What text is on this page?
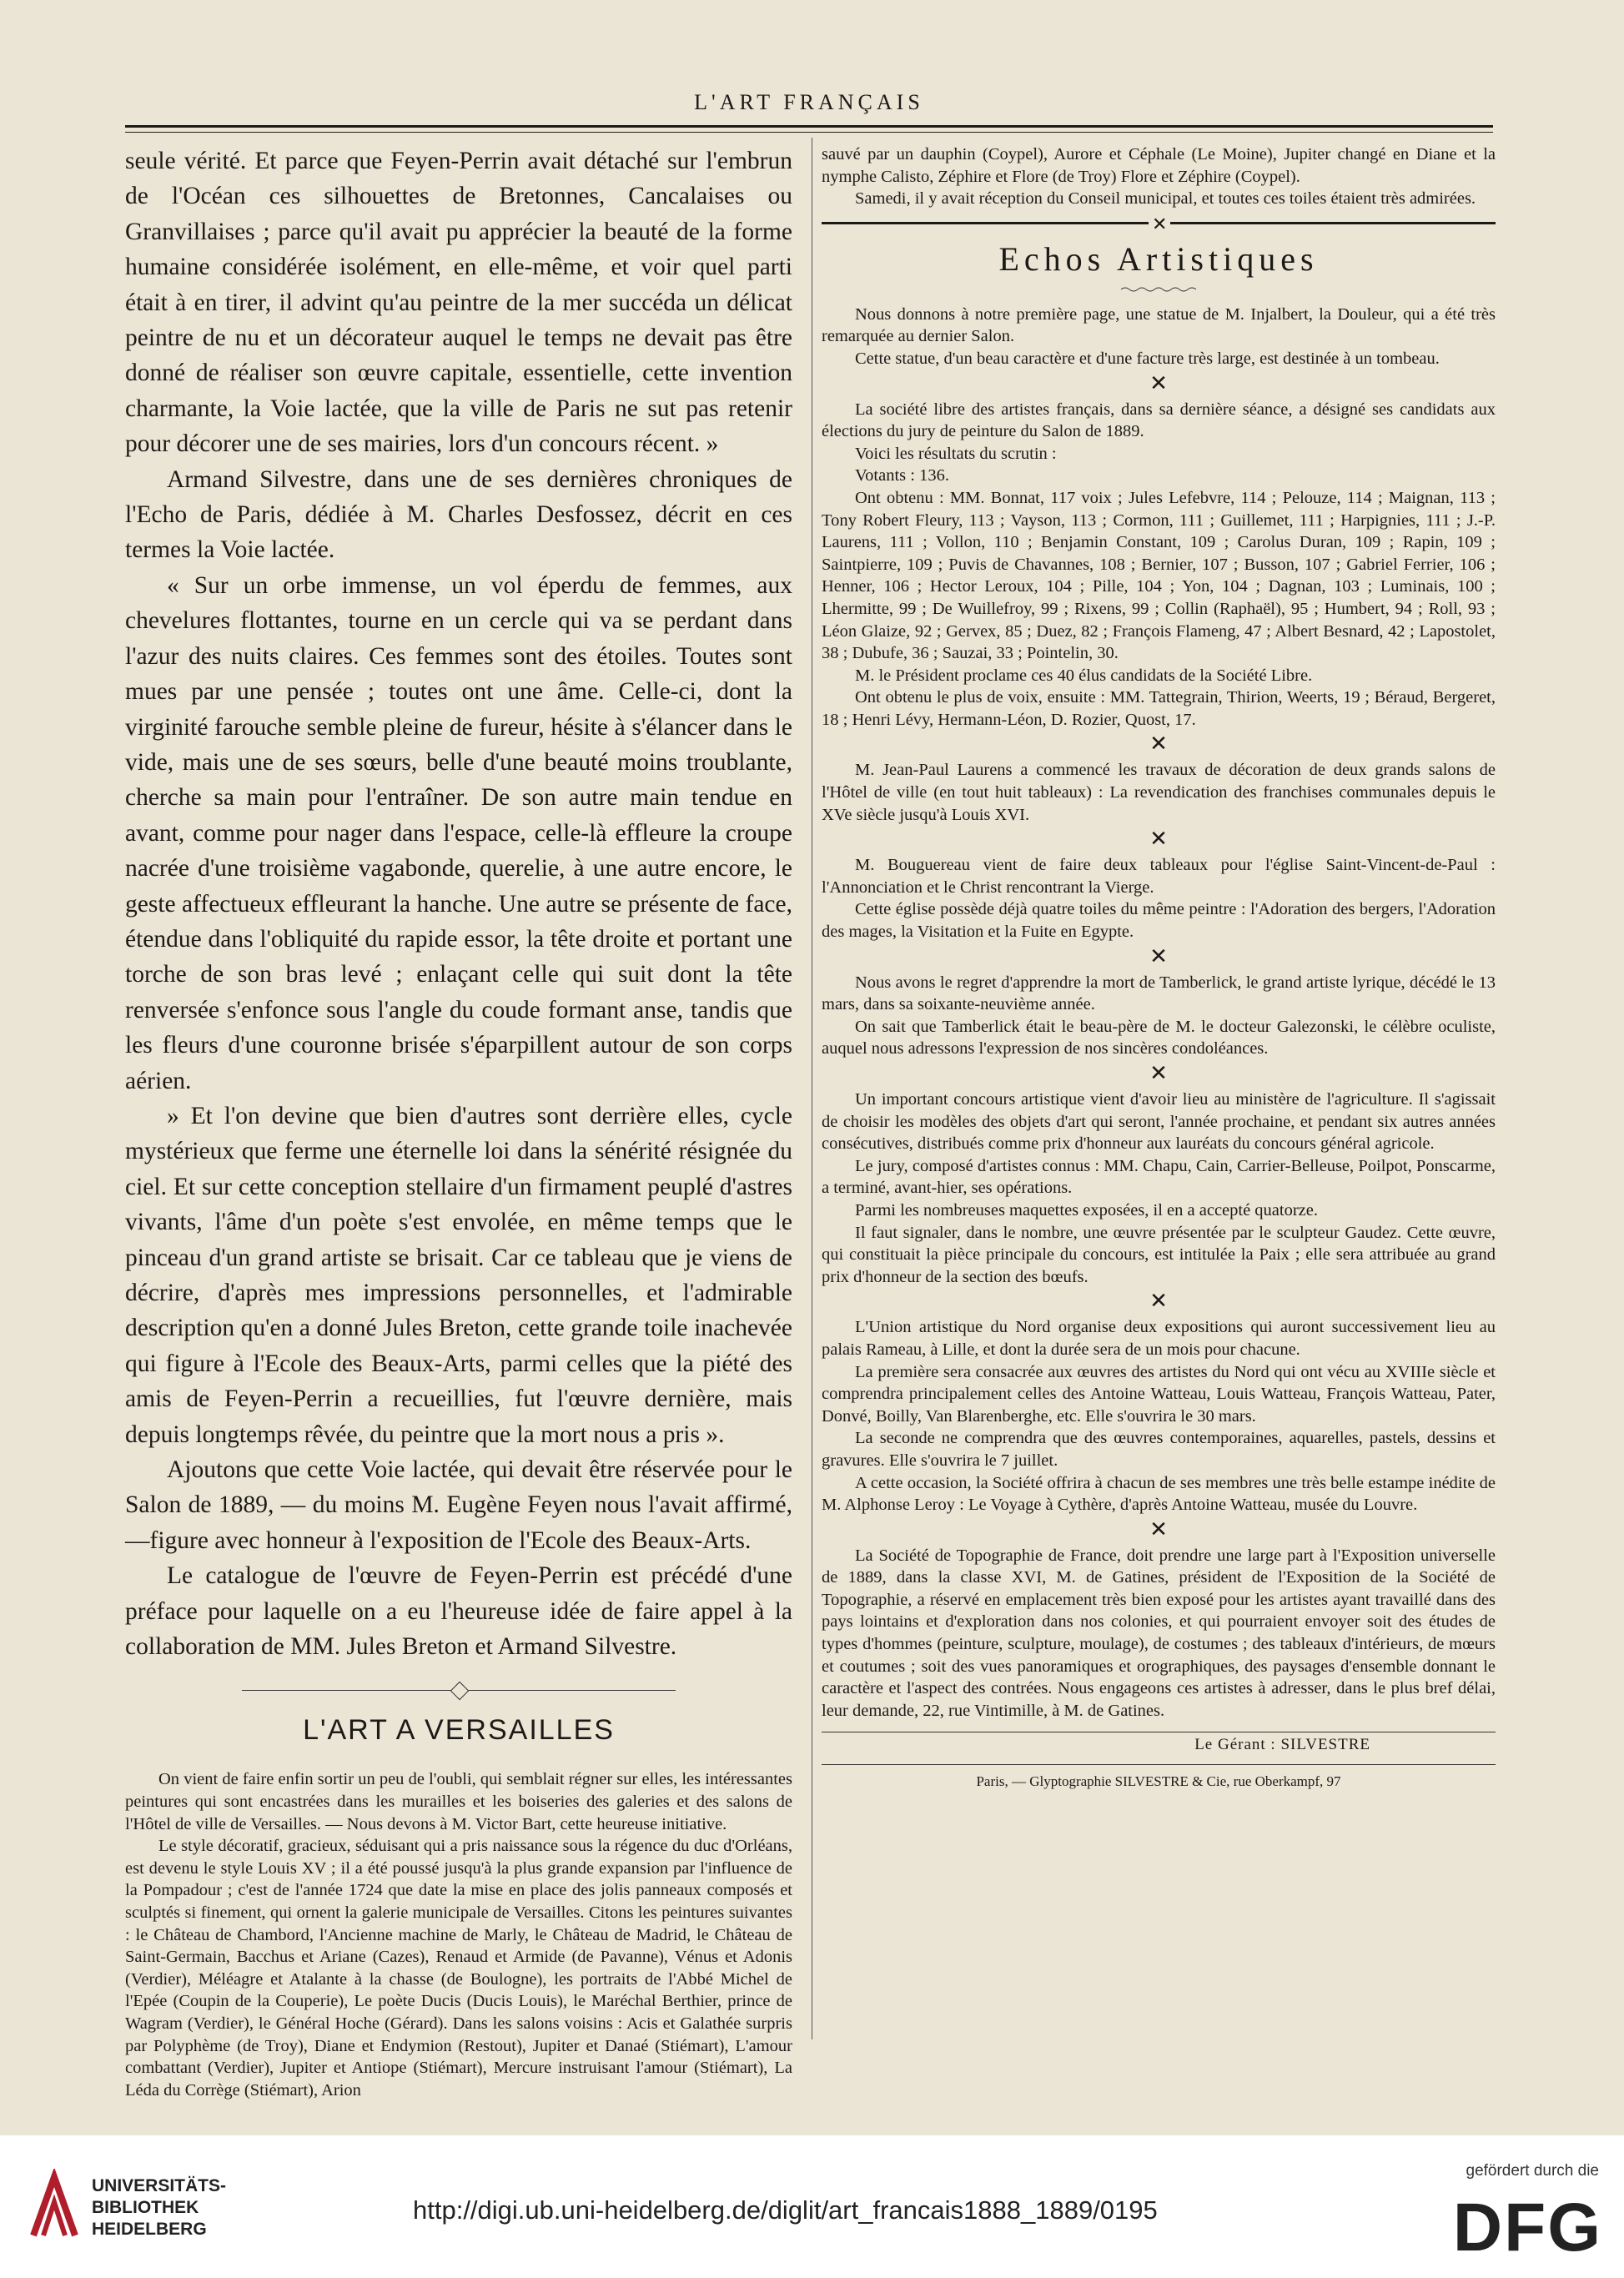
L'ART FRANÇAIS

seule vérité. Et parce que Feyen-Perrin avait détaché sur l'embrun de l'Océan ces silhouettes de Bretonnes, Cancalaises ou Granvillaises ; parce qu'il avait pu apprécier la beauté de la forme humaine considérée isolément, en elle-même, et voir quel parti était à en tirer, il advint qu'au peintre de la mer succéda un délicat peintre de nu et un décorateur auquel le temps ne devait pas être donné de réaliser son œuvre capitale, essentielle, cette invention charmante, la Voie lactée, que la ville de Paris ne sut pas retenir pour décorer une de ses mairies, lors d'un concours récent. »

Armand Silvestre, dans une de ses dernières chroniques de l'Echo de Paris, dédiée à M. Charles Desfossez, décrit en ces termes la Voie lactée.

« Sur un orbe immense, un vol éperdu de femmes, aux chevelures flottantes, tourne en un cercle qui va se perdant dans l'azur des nuits claires. Ces femmes sont des étoiles. Toutes sont mues par une pensée ; toutes ont une âme. Celle-ci, dont la virginité farouche semble pleine de fureur, hésite à s'élancer dans le vide, mais une de ses sœurs, belle d'une beauté moins troublante, cherche sa main pour l'entraîner. De son autre main tendue en avant, comme pour nager dans l'espace, celle-là effleure la croupe nacrée d'une troisième vagabonde, querelie, à une autre encore, le geste affectueux effleurant la hanche. Une autre se présente de face, étendue dans l'obliquité du rapide essor, la tête droite et portant une torche de son bras levé ; enlaçant celle qui suit dont la tête renversée s'enfonce sous l'angle du coude formant anse, tandis que les fleurs d'une couronne brisée s'éparpillent autour de son corps aérien.

» Et l'on devine que bien d'autres sont derrière elles, cycle mystérieux que ferme une éternelle loi dans la sénérité résignée du ciel. Et sur cette conception stellaire d'un firmament peuplé d'astres vivants, l'âme d'un poète s'est envolée, en même temps que le pinceau d'un grand artiste se brisait. Car ce tableau que je viens de décrire, d'après mes impressions personnelles, et l'admirable description qu'en a donné Jules Breton, cette grande toile inachevée qui figure à l'Ecole des Beaux-Arts, parmi celles que la piété des amis de Feyen-Perrin a recueillies, fut l'œuvre dernière, mais depuis longtemps rêvée, du peintre que la mort nous a pris ».

Ajoutons que cette Voie lactée, qui devait être réservée pour le Salon de 1889, — du moins M. Eugène Feyen nous l'avait affirmé,—figure avec honneur à l'exposition de l'Ecole des Beaux-Arts.

Le catalogue de l'œuvre de Feyen-Perrin est précédé d'une préface pour laquelle on a eu l'heureuse idée de faire appel à la collaboration de MM. Jules Breton et Armand Silvestre.

L'ART A VERSAILLES

On vient de faire enfin sortir un peu de l'oubli, qui semblait régner sur elles, les intéressantes peintures qui sont encastrées dans les murailles et les boiseries des galeries et des salons de l'Hôtel de ville de Versailles. — Nous devons à M. Victor Bart, cette heureuse initiative.

Le style décoratif, gracieux, séduisant qui a pris naissance sous la régence du duc d'Orléans, est devenu le style Louis XV ; il a été poussé jusqu'à la plus grande expansion par l'influence de la Pompadour ; c'est de l'année 1724 que date la mise en place des jolis panneaux composés et sculptés si finement, qui ornent la galerie municipale de Versailles. Citons les peintures suivantes : le Château de Chambord, l'Ancienne machine de Marly, le Château de Madrid, le Château de Saint-Germain, Bacchus et Ariane (Cazes), Renaud et Armide (de Pavanne), Vénus et Adonis (Verdier), Méléagre et Atalante à la chasse (de Boulogne), les portraits de l'Abbé Michel de l'Epée (Coupin de la Couperie), Le poète Ducis (Ducis Louis), le Maréchal Berthier, prince de Wagram (Verdier), le Général Hoche (Gérard). Dans les salons voisins : Acis et Galathée surpris par Polyphème (de Troy), Diane et Endymion (Restout), Jupiter et Danaé (Stiémart), L'amour combattant (Verdier), Jupiter et Antiope (Stiémart), Mercure instruisant l'amour (Stiémart), La Léda du Corrège (Stiémart), Arion

sauvé par un dauphin (Coypel), Aurore et Céphale (Le Moine), Jupiter changé en Diane et la nymphe Calisto, Zéphire et Flore (de Troy) Flore et Zéphire (Coypel).

Samedi, il y avait réception du Conseil municipal, et toutes ces toiles étaient très admirées.

✕
Echos Artistiques

Nous donnons à notre première page, une statue de M. Injalbert, la Douleur, qui a été très remarquée au dernier Salon.

Cette statue, d'un beau caractère et d'une facture très large, est destinée à un tombeau.

✕

La société libre des artistes français, dans sa dernière séance, a désigné ses candidats aux élections du jury de peinture du Salon de 1889.

Voici les résultats du scrutin :

Votants : 136.

Ont obtenu : MM. Bonnat, 117 voix ; Jules Lefebvre, 114 ; Pelouze, 114 ; Maignan, 113 ; Tony Robert Fleury, 113 ; Vayson, 113 ; Cormon, 111 ; Guillemet, 111 ; Harpignies, 111 ; J.-P. Laurens, 111 ; Vollon, 110 ; Benjamin Constant, 109 ; Carolus Duran, 109 ; Rapin, 109 ; Saintpierre, 109 ; Puvis de Chavannes, 108 ; Bernier, 107 ; Busson, 107 ; Gabriel Ferrier, 106 ; Henner, 106 ; Hector Leroux, 104 ; Pille, 104 ; Yon, 104 ; Dagnan, 103 ; Luminais, 100 ; Lhermitte, 99 ; De Wuillefroy, 99 ; Rixens, 99 ; Collin (Raphaël), 95 ; Humbert, 94 ; Roll, 93 ; Léon Glaize, 92 ; Gervex, 85 ; Duez, 82 ; François Flameng, 47 ; Albert Besnard, 42 ; Lapostolet, 38 ; Dubufe, 36 ; Sauzai, 33 ; Pointelin, 30.

M. le Président proclame ces 40 élus candidats de la Société Libre.

Ont obtenu le plus de voix, ensuite : MM. Tattegrain, Thirion, Weerts, 19 ; Béraud, Bergeret, 18 ; Henri Lévy, Hermann-Léon, D. Rozier, Quost, 17.

✕

M. Jean-Paul Laurens a commencé les travaux de décoration de deux grands salons de l'Hôtel de ville (en tout huit tableaux) : La revendication des franchises communales depuis le XVe siècle jusqu'à Louis XVI.

✕

M. Bouguereau vient de faire deux tableaux pour l'église Saint-Vincent-de-Paul : l'Annonciation et le Christ rencontrant la Vierge.

Cette église possède déjà quatre toiles du même peintre : l'Adoration des bergers, l'Adoration des mages, la Visitation et la Fuite en Egypte.

✕

Nous avons le regret d'apprendre la mort de Tamberlick, le grand artiste lyrique, décédé le 13 mars, dans sa soixante-neuvième année.

On sait que Tamberlick était le beau-père de M. le docteur Galezonski, le célèbre oculiste, auquel nous adressons l'expression de nos sincères condoléances.

✕

Un important concours artistique vient d'avoir lieu au ministère de l'agriculture. Il s'agissait de choisir les modèles des objets d'art qui seront, l'année prochaine, et pendant six autres années consécutives, distribués comme prix d'honneur aux lauréats du concours général agricole.

Le jury, composé d'artistes connus : MM. Chapu, Cain, Carrier-Belleuse, Poilpot, Ponscarme, a terminé, avant-hier, ses opérations.

Parmi les nombreuses maquettes exposées, il en a accepté quatorze.

Il faut signaler, dans le nombre, une œuvre présentée par le sculpteur Gaudez. Cette œuvre, qui constituait la pièce principale du concours, est intitulée la Paix ; elle sera attribuée au grand prix d'honneur de la section des bœufs.

✕

L'Union artistique du Nord organise deux expositions qui auront successivement lieu au palais Rameau, à Lille, et dont la durée sera de un mois pour chacune.

La première sera consacrée aux œuvres des artistes du Nord qui ont vécu au XVIIIe siècle et comprendra principalement celles des Antoine Watteau, Louis Watteau, François Watteau, Pater, Donvé, Boilly, Van Blarenberghe, etc. Elle s'ouvrira le 30 mars.

La seconde ne comprendra que des œuvres contemporaines, aquarelles, pastels, dessins et gravures. Elle s'ouvrira le 7 juillet.

A cette occasion, la Société offrira à chacun de ses membres une très belle estampe inédite de M. Alphonse Leroy : Le Voyage à Cythère, d'après Antoine Watteau, musée du Louvre.

✕

La Société de Topographie de France, doit prendre une large part à l'Exposition universelle de 1889, dans la classe XVI, M. de Gatines, président de l'Exposition de la Société de Topographie, a réservé en emplacement très bien exposé pour les artistes ayant travaillé dans des pays lointains et d'exploration dans nos colonies, et qui pourraient envoyer soit des études de types d'hommes (peinture, sculpture, moulage), de costumes ; des tableaux d'intérieurs, de mœurs et coutumes ; soit des vues panoramiques et orographiques, des paysages d'ensemble donnant le caractère et l'aspect des contrées. Nous engageons ces artistes à adresser, dans le plus bref délai, leur demande, 22, rue Vintimille, à M. de Gatines.

Le Gérant : SILVESTRE
Paris, — Glyptographie SILVESTRE & Cie, rue Oberkampf, 97
UNIVERSITÄTS-
BIBLIOTHEK
HEIDELBERG
http://digi.ub.uni-heidelberg.de/diglit/art_francais1888_1889/0195
gefördert durch die
DFG
